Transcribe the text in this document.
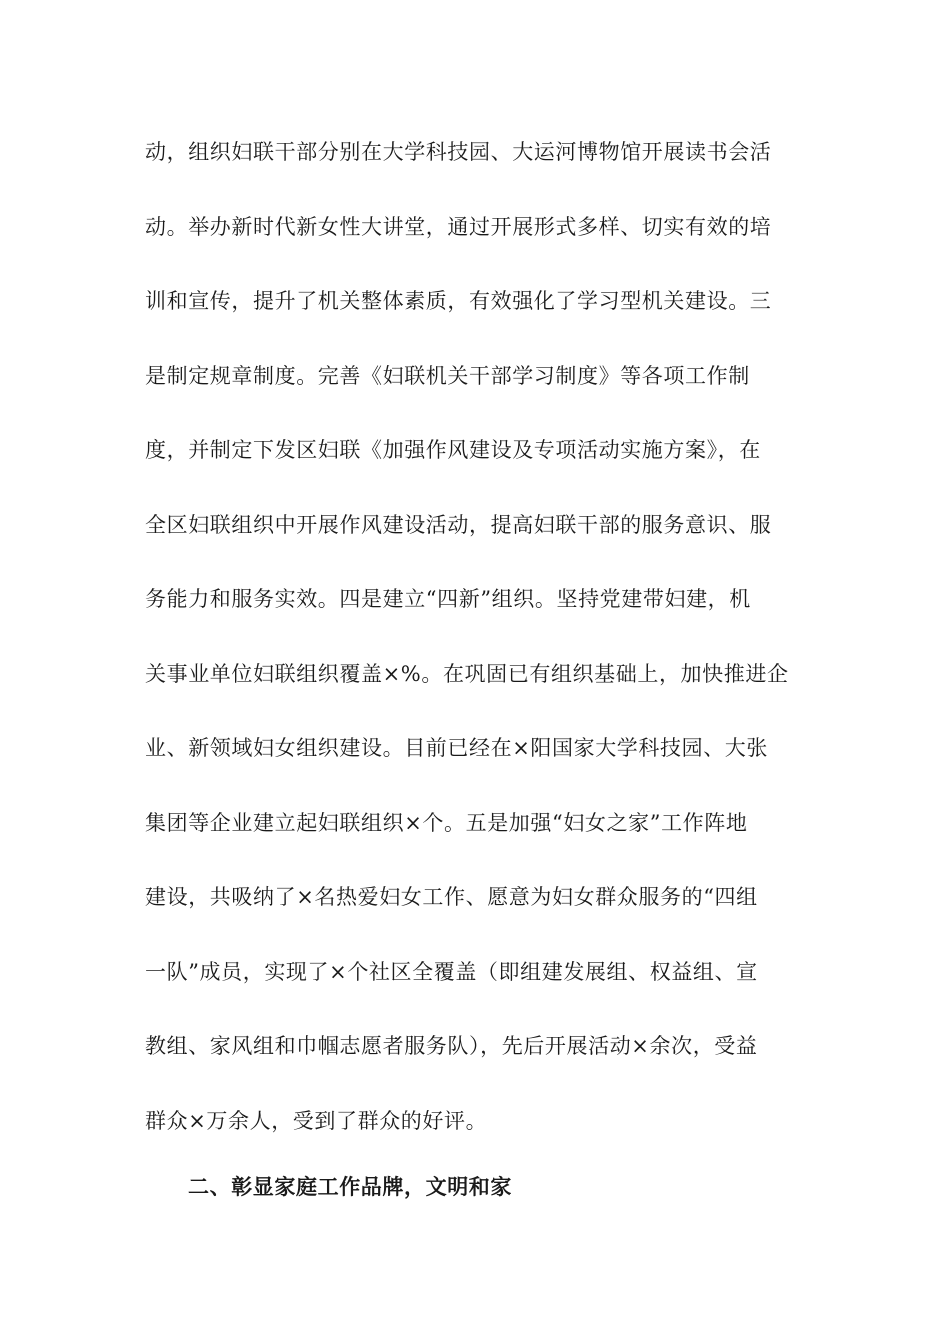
动，组织妇联干部分别在大学科技园、大运河博物馆开展读书会活
动。举办新时代新女性大讲堂，通过开展形式多样、切实有效的培
训和宣传，提升了机关整体素质，有效强化了学习型机关建设。三
是制定规章制度。完善《妇联机关干部学习制度》等各项工作制
度，并制定下发区妇联《加强作风建设及专项活动实施方案》，在
全区妇联组织中开展作风建设活动，提高妇联干部的服务意识、服
务能力和服务实效。四是建立“四新”组织。坚持党建带妇建，机
关事业单位妇联组织覆盖×%。在巩固已有组织基础上，加快推进企
业、新领域妇女组织建设。目前已经在×阳国家大学科技园、大张
集团等企业建立起妇联组织×个。五是加强“妇女之家”工作阵地
建设，共吸纳了×名热爱妇女工作、愿意为妇女群众服务的“四组
一队”成员，实现了×个社区全覆盖（即组建发展组、权益组、宣
教组、家风组和巾帼志愿者服务队），先后开展活动×余次，受益
群众×万余人，受到了群众的好评。
二、彰显家庭工作品牌，文明和家
